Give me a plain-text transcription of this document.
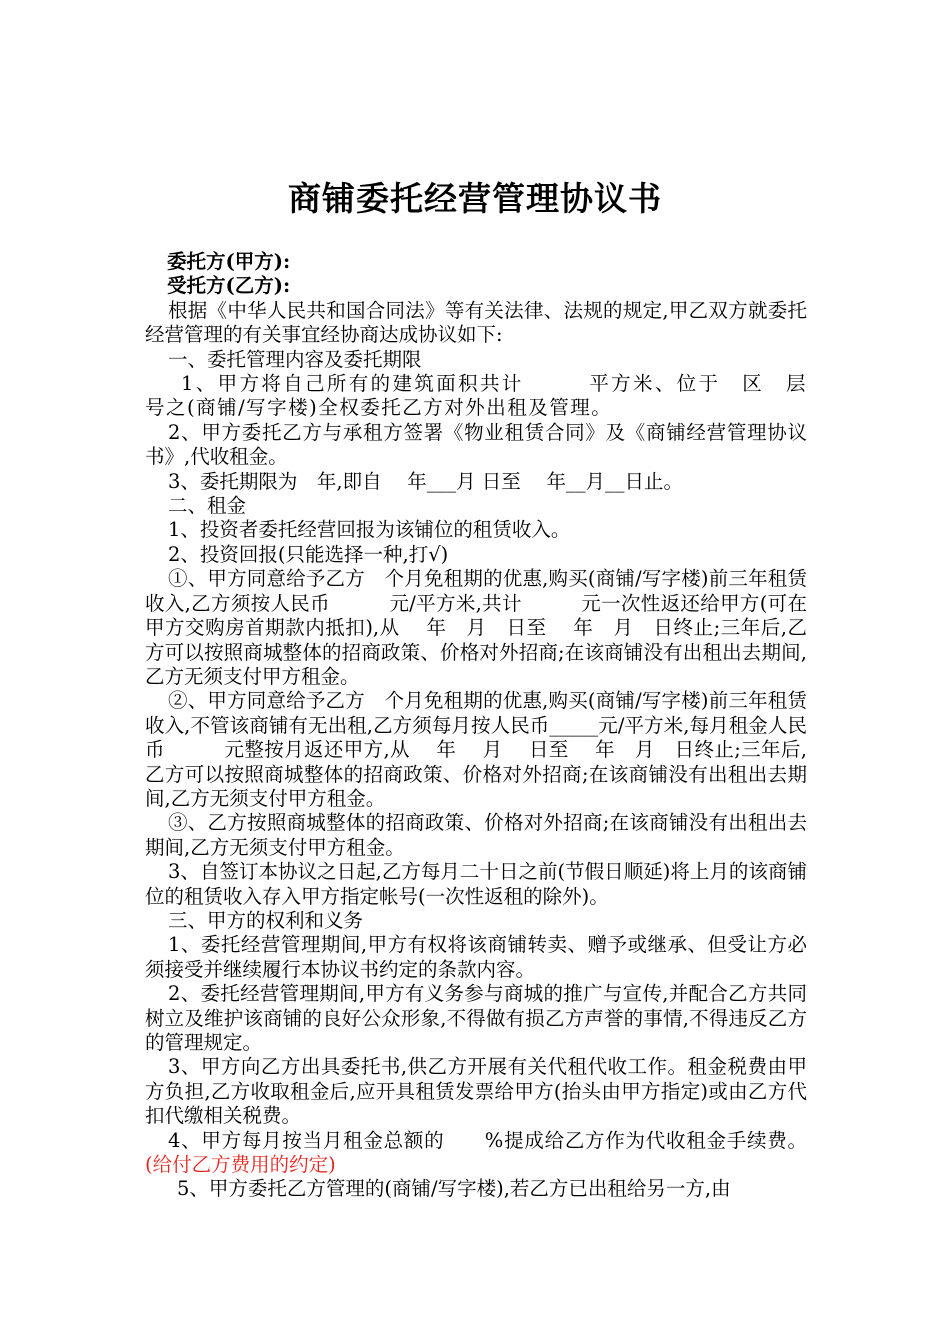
商铺委托经营管理协议书

委托方(甲方):

受托方(乙方):

根据《中华人民共和国合同法》等有关法律、法规的规定,甲乙双方就委托经营管理的有关事宜经协商达成协议如下:

一、委托管理内容及委托期限

1、甲方将自己所有的建筑面积共计　　　平方米、位于　区　层　号之(商铺/写字楼)全权委托乙方对外出租及管理。

2、甲方委托乙方与承租方签署《物业租赁合同》及《商铺经营管理协议书》,代收租金。

3、委托期限为　年,即自　 年___月 日至　 年__月__日止。

二、租金

1、投资者委托经营回报为该铺位的租赁收入。

2、投资回报(只能选择一种,打√)

①、甲方同意给予乙方　个月免租期的优惠,购买(商铺/写字楼)前三年租赁收入,乙方须按人民币　　　元/平方米,共计　　　元一次性返还给甲方(可在甲方交购房首期款内抵扣),从　 年　月　日至　 年　月　日终止;三年后,乙方可以按照商城整体的招商政策、价格对外招商;在该商铺没有出租出去期间,乙方无须支付甲方租金。

②、甲方同意给予乙方　个月免租期的优惠,购买(商铺/写字楼)前三年租赁收入,不管该商铺有无出租,乙方须每月按人民币_____元/平方米,每月租金人民币　　　元整按月返还甲方,从　 年　 月　 日至　 年　月　日终止;三年后,乙方可以按照商城整体的招商政策、价格对外招商;在该商铺没有出租出去期间,乙方无须支付甲方租金。

③、乙方按照商城整体的招商政策、价格对外招商;在该商铺没有出租出去期间,乙方无须支付甲方租金。

3、自签订本协议之日起,乙方每月二十日之前(节假日顺延)将上月的该商铺位的租赁收入存入甲方指定帐号(一次性返租的除外)。

三、甲方的权利和义务

1、委托经营管理期间,甲方有权将该商铺转卖、赠予或继承、但受让方必须接受并继续履行本协议书约定的条款内容。

2、委托经营管理期间,甲方有义务参与商城的推广与宣传,并配合乙方共同树立及维护该商铺的良好公众形象,不得做有损乙方声誉的事情,不得违反乙方的管理规定。

3、甲方向乙方出具委托书,供乙方开展有关代租代收工作。租金税费由甲方负担,乙方收取租金后,应开具租赁发票给甲方(抬头由甲方指定)或由乙方代扣代缴相关税费。

4、甲方每月按当月租金总额的　　%提成给乙方作为代收租金手续费。(给付乙方费用的约定)

5、甲方委托乙方管理的(商铺/写字楼),若乙方已出租给另一方,由
